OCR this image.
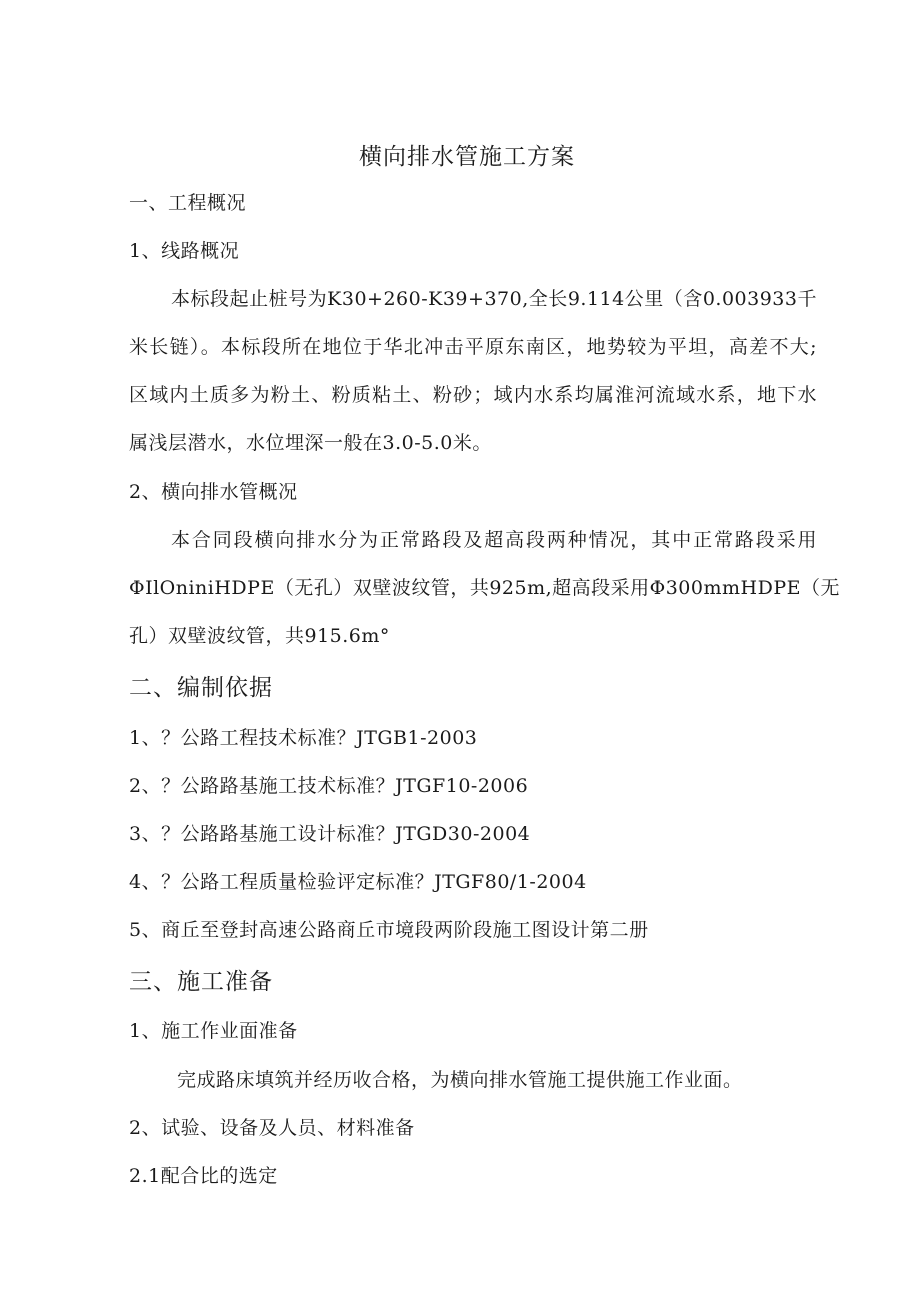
横向排水管施工方案
一、工程概况
1、线路概况
本标段起止桩号为K30+260-K39+370,全长9.114公里（含0.003933千
米长链）。本标段所在地位于华北冲击平原东南区，地势较为平坦，高差不大;
区域内土质多为粉土、粉质粘土、粉砂；域内水系均属淮河流域水系，地下水
属浅层潜水，水位埋深一般在3.0-5.0米。
2、横向排水管概况
本合同段横向排水分为正常路段及超高段两种情况，其中正常路段采用
ΦIlOniniHDPE（无孔）双壁波纹管，共925m,超高段采用Φ300mmHDPE（无
孔）双壁波纹管，共915.6m°
二、编制依据
1、？公路工程技术标准？JTGB1-2003
2、？公路路基施工技术标准？JTGF10-2006
3、？公路路基施工设计标准？JTGD30-2004
4、？公路工程质量检验评定标准？JTGF80/1-2004
5、商丘至登封高速公路商丘市境段两阶段施工图设计第二册
三、施工准备
1、施工作业面准备
完成路床填筑并经历收合格，为横向排水管施工提供施工作业面。
2、试验、设备及人员、材料准备
2.1配合比的选定
